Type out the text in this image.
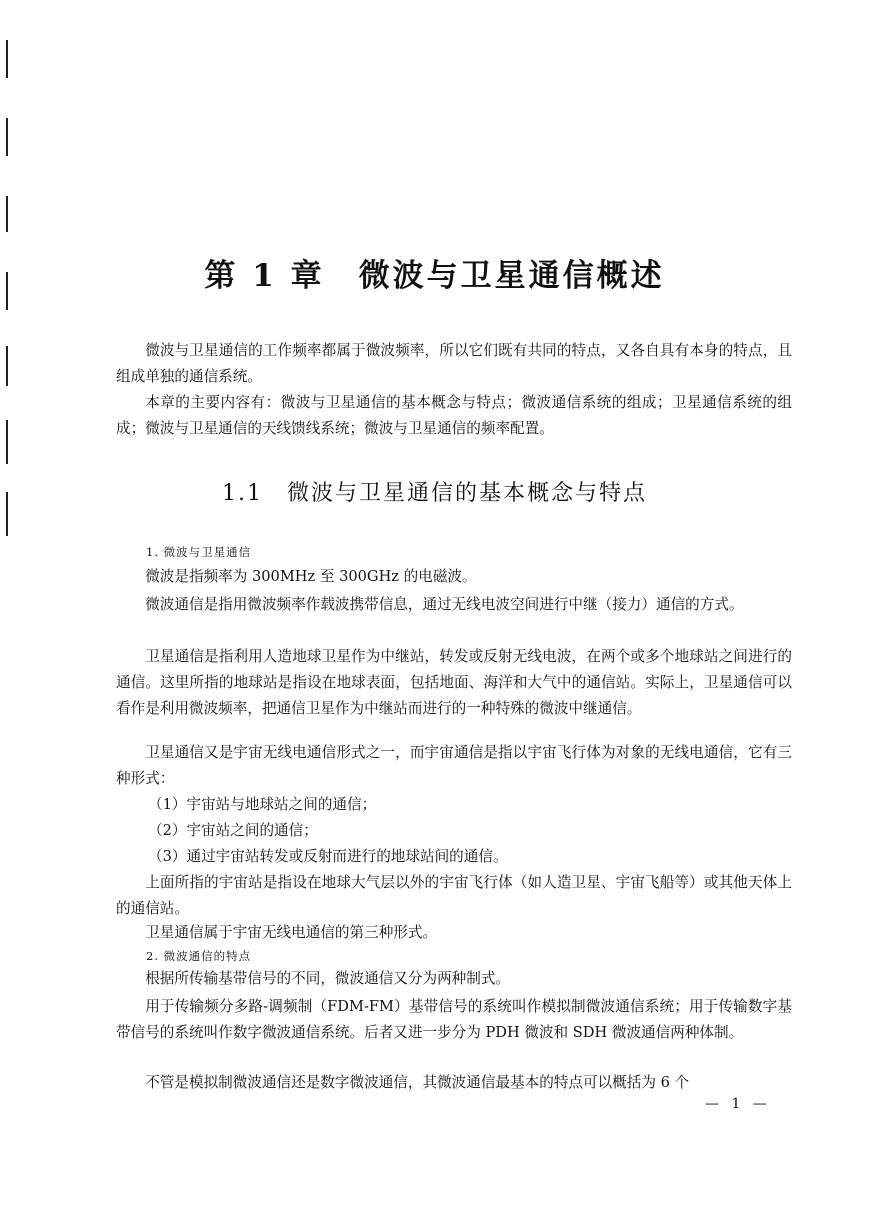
第 1 章　微波与卫星通信概述
微波与卫星通信的工作频率都属于微波频率，所以它们既有共同的特点，又各自具有本身的特点，且组成单独的通信系统。
本章的主要内容有：微波与卫星通信的基本概念与特点；微波通信系统的组成；卫星通信系统的组成；微波与卫星通信的天线馈线系统；微波与卫星通信的频率配置。
1.1　微波与卫星通信的基本概念与特点
1. 微波与卫星通信
微波是指频率为 300MHz 至 300GHz 的电磁波。
微波通信是指用微波频率作载波携带信息，通过无线电波空间进行中继（接力）通信的方式。
卫星通信是指利用人造地球卫星作为中继站，转发或反射无线电波，在两个或多个地球站之间进行的通信。这里所指的地球站是指设在地球表面，包括地面、海洋和大气中的通信站。实际上，卫星通信可以看作是利用微波频率，把通信卫星作为中继站而进行的一种特殊的微波中继通信。
卫星通信又是宇宙无线电通信形式之一，而宇宙通信是指以宇宙飞行体为对象的无线电通信，它有三种形式：
（1）宇宙站与地球站之间的通信；
（2）宇宙站之间的通信；
（3）通过宇宙站转发或反射而进行的地球站间的通信。
上面所指的宇宙站是指设在地球大气层以外的宇宙飞行体（如人造卫星、宇宙飞船等）或其他天体上的通信站。
卫星通信属于宇宙无线电通信的第三种形式。
2. 微波通信的特点
根据所传输基带信号的不同，微波通信又分为两种制式。
用于传输频分多路-调频制（FDM-FM）基带信号的系统叫作模拟制微波通信系统；用于传输数字基带信号的系统叫作数字微波通信系统。后者又进一步分为 PDH 微波和 SDH 微波通信两种体制。
不管是模拟制微波通信还是数字微波通信，其微波通信最基本的特点可以概括为 6 个
— 1 —
